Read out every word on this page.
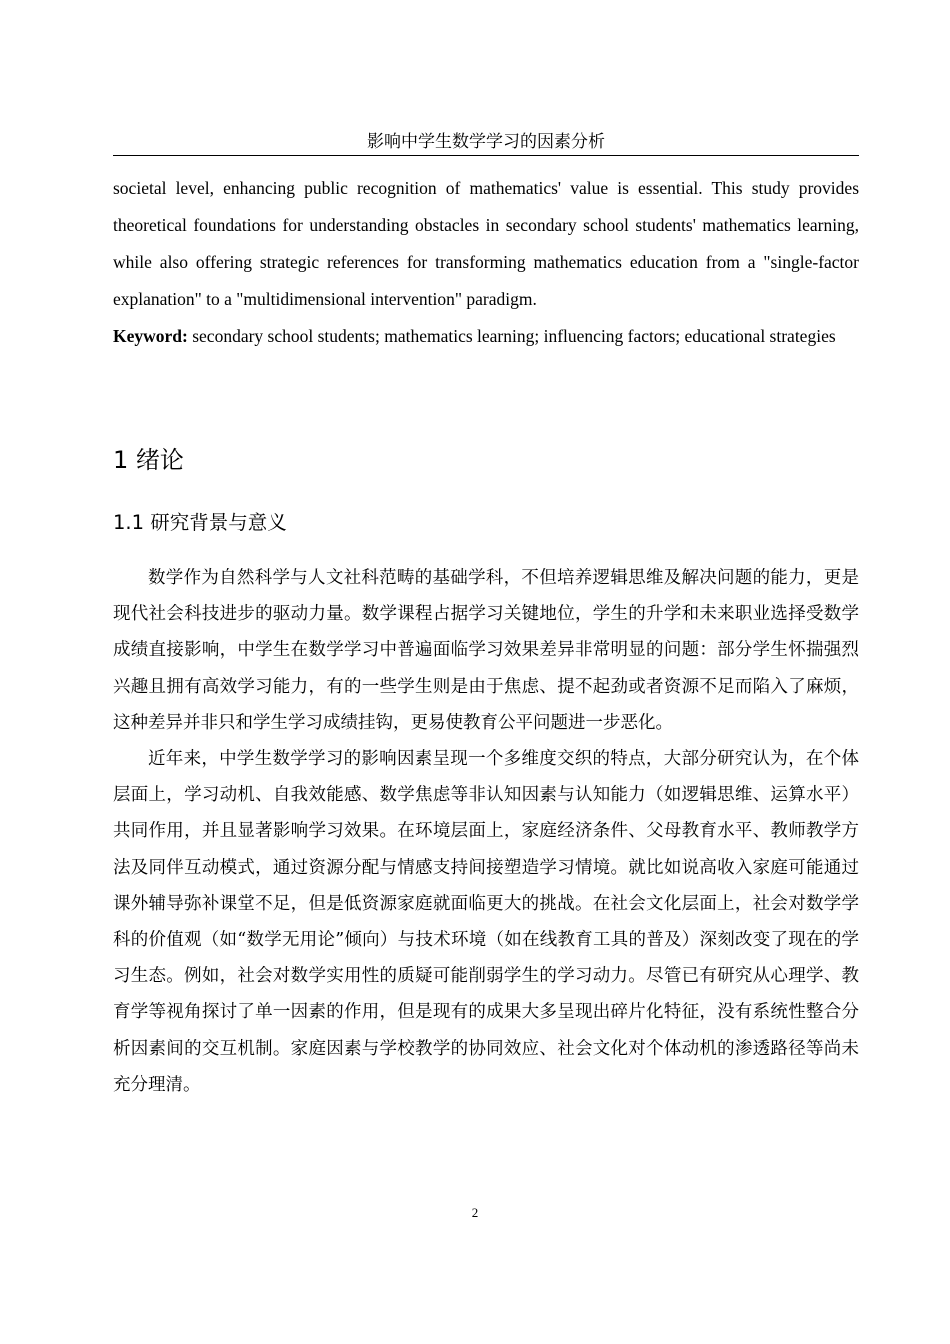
影响中学生数学学习的因素分析

societal level, enhancing public recognition of mathematics' value is essential. This study provides theoretical foundations for understanding obstacles in secondary school students' mathematics learning, while also offering strategic references for transforming mathematics education from a "single-factor explanation" to a "multidimensional intervention" paradigm.

Keyword: secondary school students; mathematics learning; influencing factors; educational strategies

1 绪论
1.1 研究背景与意义

数学作为自然科学与人文社科范畴的基础学科，不但培养逻辑思维及解决问题的能力，更是现代社会科技进步的驱动力量。数学课程占据学习关键地位，学生的升学和未来职业选择受数学成绩直接影响，中学生在数学学习中普遍面临学习效果差异非常明显的问题：部分学生怀揣强烈兴趣且拥有高效学习能力，有的一些学生则是由于焦虑、提不起劲或者资源不足而陷入了麻烦，这种差异并非只和学生学习成绩挂钩，更易使教育公平问题进一步恶化。

近年来，中学生数学学习的影响因素呈现一个多维度交织的特点，大部分研究认为，在个体层面上，学习动机、自我效能感、数学焦虑等非认知因素与认知能力（如逻辑思维、运算水平）共同作用，并且显著影响学习效果。在环境层面上，家庭经济条件、父母教育水平、教师教学方法及同伴互动模式，通过资源分配与情感支持间接塑造学习情境。就比如说高收入家庭可能通过课外辅导弥补课堂不足，但是低资源家庭就面临更大的挑战。在社会文化层面上，社会对数学学科的价值观（如“数学无用论”倾向）与技术环境（如在线教育工具的普及）深刻改变了现在的学习生态。例如，社会对数学实用性的质疑可能削弱学生的学习动力。尽管已有研究从心理学、教育学等视角探讨了单一因素的作用，但是现有的成果大多呈现出碎片化特征，没有系统性整合分析因素间的交互机制。家庭因素与学校教学的协同效应、社会文化对个体动机的渗透路径等尚未充分理清。

2
